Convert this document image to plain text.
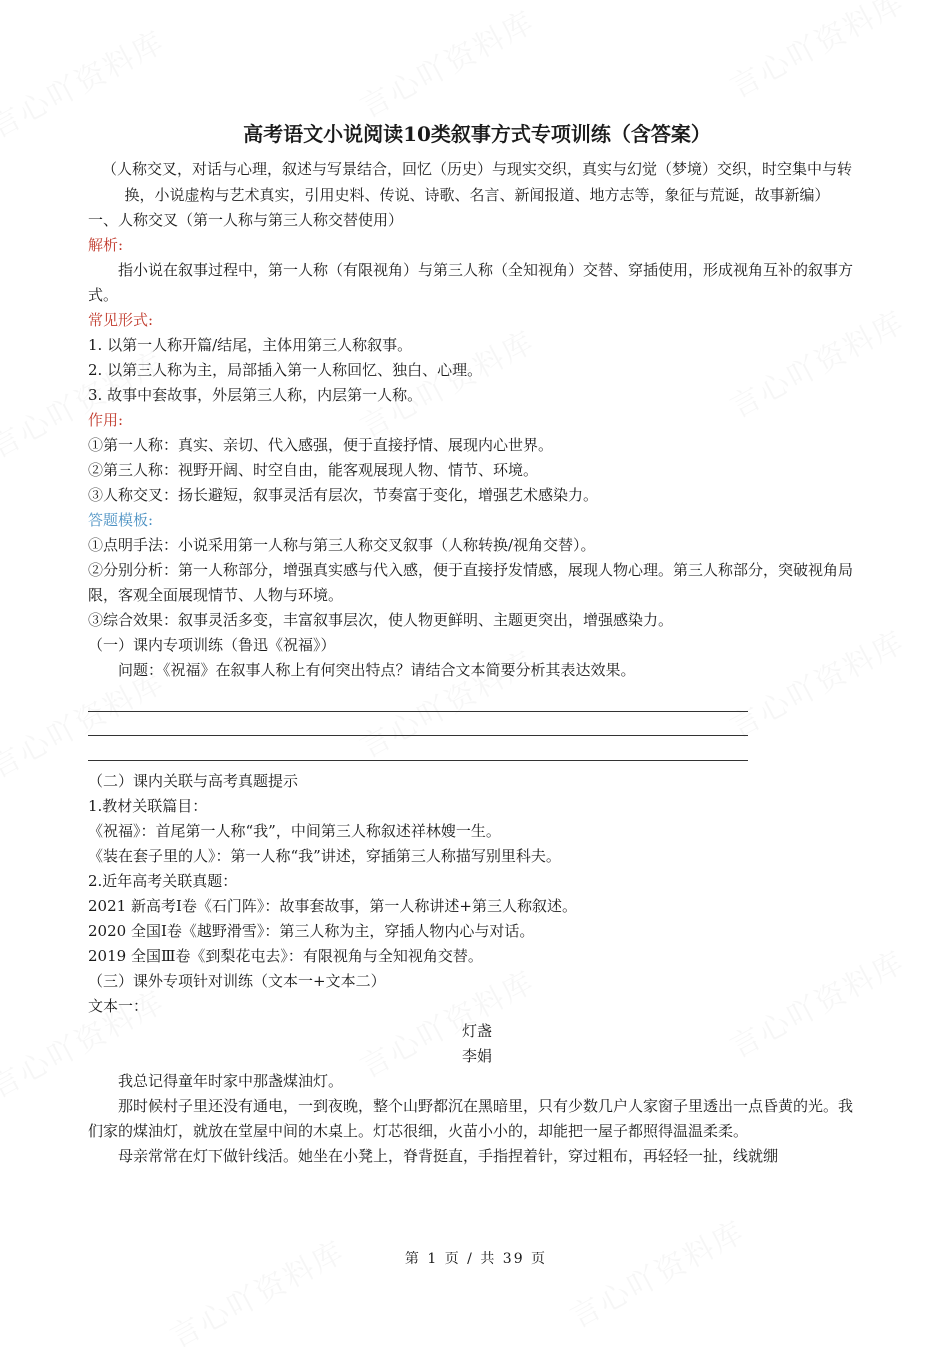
高考语文小说阅读10类叙事方式专项训练（含答案）

（人称交叉，对话与心理，叙述与写景结合，回忆（历史）与现实交织，真实与幻觉（梦境）交织，时空集中与转换，小说虚构与艺术真实，引用史料、传说、诗歌、名言、新闻报道、地方志等，象征与荒诞，故事新编）

一、人称交叉（第一人称与第三人称交替使用）

解析:

指小说在叙事过程中，第一人称（有限视角）与第三人称（全知视角）交替、穿插使用，形成视角互补的叙事方式。

常见形式:

1. 以第一人称开篇/结尾，主体用第三人称叙事。

2. 以第三人称为主，局部插入第一人称回忆、独白、心理。

3. 故事中套故事，外层第三人称，内层第一人称。

作用:

①第一人称：真实、亲切、代入感强，便于直接抒情、展现内心世界。

②第三人称：视野开阔、时空自由，能客观展现人物、情节、环境。

③人称交叉：扬长避短，叙事灵活有层次，节奏富于变化，增强艺术感染力。

答题模板:

①点明手法：小说采用第一人称与第三人称交叉叙事（人称转换/视角交替）。

②分别分析：第一人称部分，增强真实感与代入感，便于直接抒发情感，展现人物心理。第三人称部分，突破视角局限，客观全面展现情节、人物与环境。

③综合效果：叙事灵活多变，丰富叙事层次，使人物更鲜明、主题更突出，增强感染力。

（一）课内专项训练（鲁迅《祝福》）

问题：《祝福》在叙事人称上有何突出特点？请结合文本简要分析其表达效果。

（二）课内关联与高考真题提示

1.教材关联篇目：

《祝福》：首尾第一人称“我”，中间第三人称叙述祥林嫂一生。

《装在套子里的人》：第一人称“我”讲述，穿插第三人称描写别里科夫。

2.近年高考关联真题：

2021 新高考Ⅰ卷《石门阵》：故事套故事，第一人称讲述+第三人称叙述。

2020 全国Ⅰ卷《越野滑雪》：第三人称为主，穿插人物内心与对话。

2019 全国Ⅲ卷《到梨花屯去》：有限视角与全知视角交替。

（三）课外专项针对训练（文本一+文本二）

文本一：

灯盏

李娟

我总记得童年时家中那盏煤油灯。

那时候村子里还没有通电，一到夜晚，整个山野都沉在黑暗里，只有少数几户人家窗子里透出一点昏黄的光。我们家的煤油灯，就放在堂屋中间的木桌上。灯芯很细，火苗小小的，却能把一屋子都照得温温柔柔。

母亲常常在灯下做针线活。她坐在小凳上，脊背挺直，手指捏着针，穿过粗布，再轻轻一扯，线就绷

第 1 页 / 共 39 页
